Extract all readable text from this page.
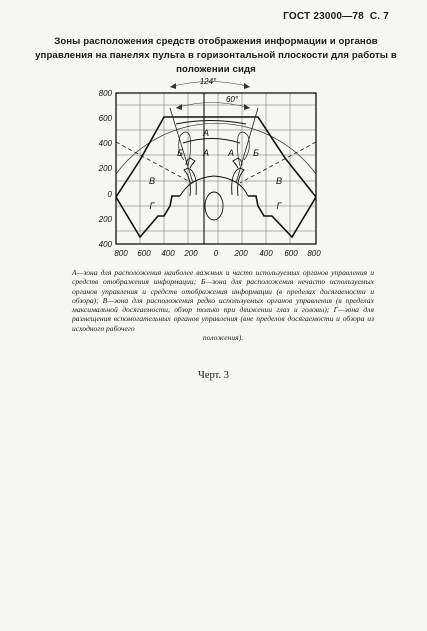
ГОСТ 23000—78 С. 7
Зоны расположения средств отображения информации и органов управления на панелях пульта в горизонтальной плоскости для работы в положении сидя
124°
60°
А
А А
Б	Б
В	В
Г	Г
800
600
400
200
0
200
400
800 600 400 200 0 200 400 600 800
А—зона для расположения наиболее важных и часто используемых органов управления и средств отображения информации; Б—зона для расположения нечасто используемых органов управления и средств отображения информации (в пределах досягаемости и обзора); В—зона для расположения редко используемых органов управления (в пределах максимальной досягаемости, обзор только при движении глаз и головы); Г—зона для размещения вспомогательных органов управления (вне пределов досягаемости и обзора из исходного рабочего
положения).
Черт. 3
